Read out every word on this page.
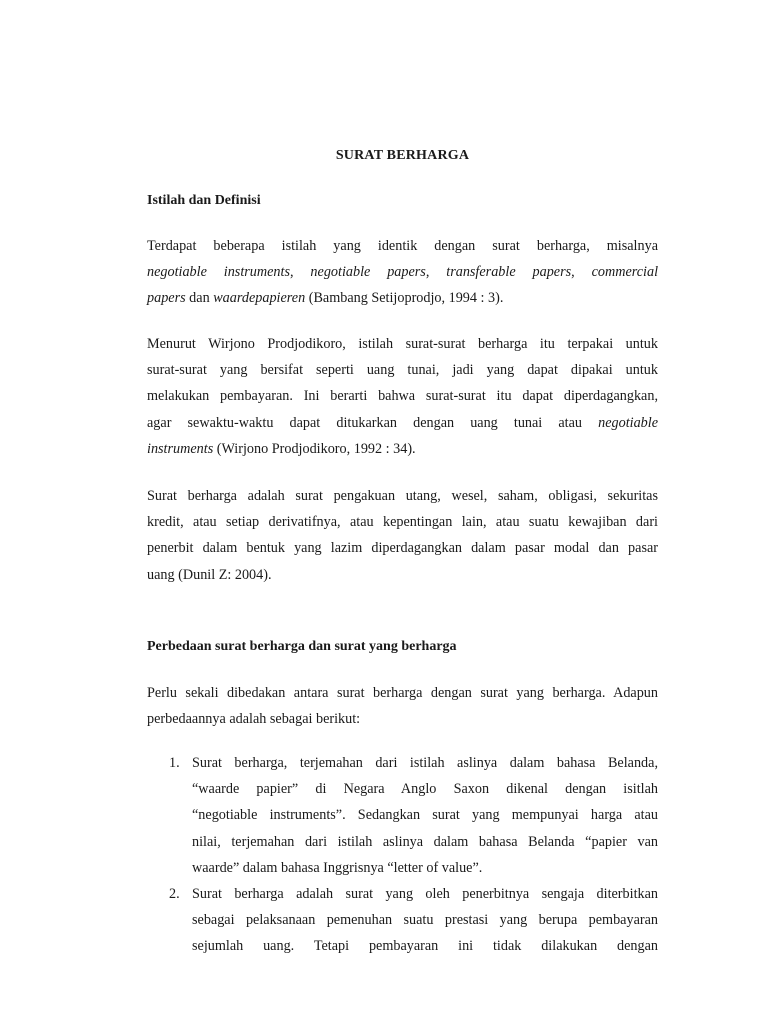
SURAT BERHARGA
Istilah dan Definisi
Terdapat beberapa istilah yang identik dengan surat berharga, misalnya
negotiable instruments, negotiable papers, transferable papers, commercial
papers dan waardepapieren (Bambang Setijoprodjo, 1994 : 3).
Menurut Wirjono Prodjodikoro, istilah surat-surat berharga itu terpakai untuk
surat-surat yang bersifat seperti uang tunai, jadi yang dapat dipakai untuk
melakukan pembayaran. Ini berarti bahwa surat-surat itu dapat diperdagangkan,
agar sewaktu-waktu dapat ditukarkan dengan uang tunai atau negotiable
instruments (Wirjono Prodjodikoro, 1992 : 34).
Surat berharga adalah surat pengakuan utang, wesel, saham, obligasi, sekuritas
kredit, atau setiap derivatifnya, atau kepentingan lain, atau suatu kewajiban dari
penerbit dalam bentuk yang lazim diperdagangkan dalam pasar modal dan pasar
uang (Dunil Z: 2004).
Perbedaan surat berharga dan surat yang berharga
Perlu sekali dibedakan antara surat berharga dengan surat yang berharga. Adapun
perbedaannya adalah sebagai berikut:
1. Surat berharga, terjemahan dari istilah aslinya dalam bahasa Belanda,
“waarde papier” di Negara Anglo Saxon dikenal dengan isitlah
“negotiable instruments”. Sedangkan surat yang mempunyai harga atau
nilai, terjemahan dari istilah aslinya dalam bahasa Belanda “papier van
waarde” dalam bahasa Inggrisnya “letter of value”.
2. Surat berharga adalah surat yang oleh penerbitnya sengaja diterbitkan
sebagai pelaksanaan pemenuhan suatu prestasi yang berupa pembayaran
sejumlah uang. Tetapi pembayaran ini tidak dilakukan dengan
